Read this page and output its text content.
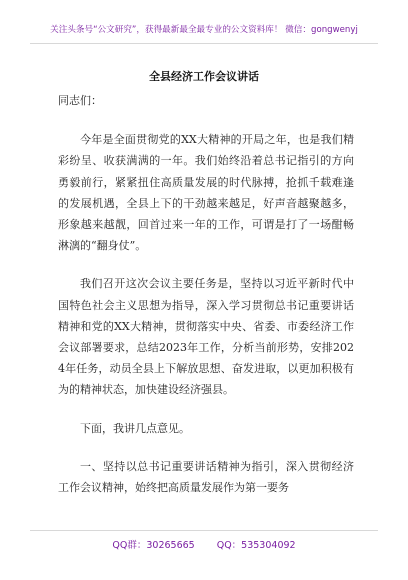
关注头条号“公文研究”，获得最新最全最专业的公文资料库！ 微信：gongwenyj
全县经济工作会议讲话

同志们：

今年是全面贯彻党的XX大精神的开局之年，也是我们精彩纷呈、收获满满的一年。我们始终沿着总书记指引的方向勇毅前行，紧紧扭住高质量发展的时代脉搏，抢抓千载难逢的发展机遇，全县上下的干劲越来越足，好声音越聚越多，形象越来越靓，回首过来一年的工作，可谓是打了一场酣畅淋漓的“翻身仗”。

我们召开这次会议主要任务是，坚持以习近平新时代中国特色社会主义思想为指导，深入学习贯彻总书记重要讲话精神和党的XX大精神，贯彻落实中央、省委、市委经济工作会议部署要求，总结2023年工作，分析当前形势，安排2024年任务，动员全县上下解放思想、奋发进取，以更加积极有为的精神状态，加快建设经济强县。

下面，我讲几点意见。

一、坚持以总书记重要讲话精神为指引，深入贯彻经济工作会议精神，始终把高质量发展作为第一要务

QQ群：30265665 QQ：535304092
